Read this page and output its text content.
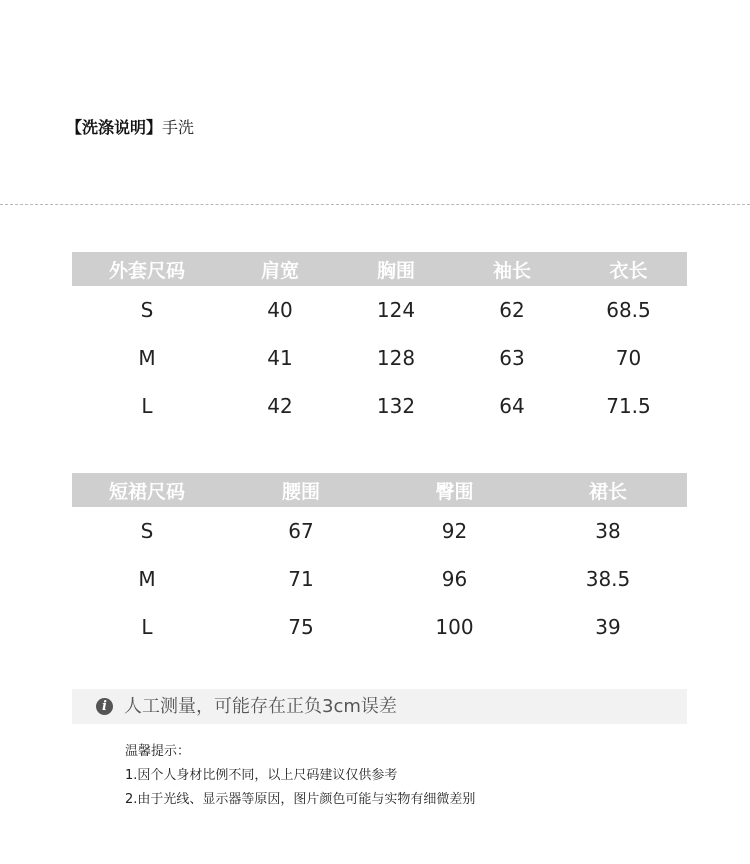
【洗涤说明】手洗
外套尺码	肩宽	胸围	袖长	衣长
S	40	124	62	68.5
M	41	128	63	70
L	42	132	64	71.5
短裙尺码	腰围	臀围	裙长
S	67	92	38
M	71	96	38.5
L	75	100	39
i 人工测量，可能存在正负3cm误差
温馨提示：
1.因个人身材比例不同，以上尺码建议仅供参考
2.由于光线、显示器等原因，图片颜色可能与实物有细微差别
